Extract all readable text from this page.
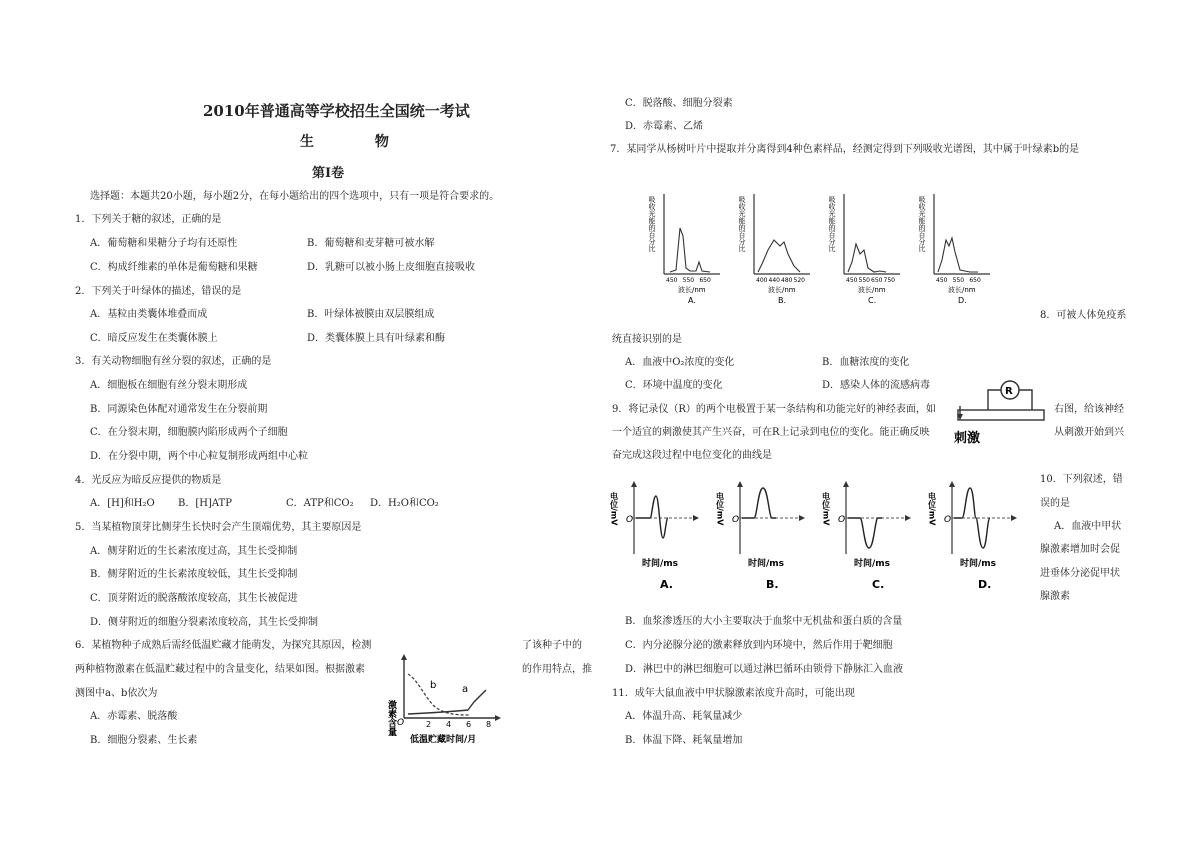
2010年普通高等学校招生全国统一考试
生 物
第Ⅰ卷
选择题：本题共20小题，每小题2分，在每小题给出的四个选项中，只有一项是符合要求的。
1．下列关于糖的叙述，正确的是
A．葡萄糖和果糖分子均有还原性	B．葡萄糖和麦芽糖可被水解
C．构成纤维素的单体是葡萄糖和果糖	D．乳糖可以被小肠上皮细胞直接吸收
2．下列关于叶绿体的描述，错误的是
A．基粒由类囊体堆叠而成	B．叶绿体被膜由双层膜组成
C．暗反应发生在类囊体膜上	D．类囊体膜上具有叶绿素和酶
3．有关动物细胞有丝分裂的叙述，正确的是
A．细胞板在细胞有丝分裂末期形成
B．同源染色体配对通常发生在分裂前期
C．在分裂末期，细胞膜内陷形成两个子细胞
D．在分裂中期，两个中心粒复制形成两组中心粒
4．光反应为暗反应提供的物质是
A．[H]和H₂O B．[H]ATP	C．ATP和CO₂ D．H₂O和CO₂
5．当某植物顶芽比侧芽生长快时会产生顶端优势，其主要原因是
A．侧芽附近的生长素浓度过高，其生长受抑制
B．侧芽附近的生长素浓度较低，其生长受抑制
C．顶芽附近的脱落酸浓度较高，其生长被促进
D．侧芽附近的细胞分裂素浓度较高，其生长受抑制
6．某植物种子成熟后需经低温贮藏才能萌发，为探究其原因，检测	了该种子中的
两种植物激素在低温贮藏过程中的含量变化，结果如图。根据激素	的作用特点，推
测图中a、b依次为
A．赤霉素、脱落酸
B．细胞分裂素、生长素
激素含量 O	2 4 6 8
b	a
低温贮藏时间/月
C．脱落酸、细胞分裂素
D．赤霉素、乙烯
7．某同学从杨树叶片中提取并分离得到4种色素样品，经测定得到下列吸收光谱图，其中属于叶绿素b的是
吸收光能的百分比
450 550 650
波长/nm
A.
吸收光能的百分比
400 440 480 520
波长/nm
B.
吸收光能的百分比
450 550 650 750
波长/nm
C.
吸收光能的百分比
450 550 650
波长/nm
D.
8．可被人体免疫系
统直接识别的是
A．血液中O₂浓度的变化	B．血糖浓度的变化
C．环境中温度的变化	D．感染人体的流感病毒
9．将记录仪（R）的两个电极置于某一条结构和功能完好的神经表面，如	右图，给该神经
一个适宜的刺激使其产生兴奋，可在R上记录到电位的变化。能正确反映	从刺激开始到兴
奋完成这段过程中电位变化的曲线是
R
刺激
O
电位/mV
时间/ms
A.
O
电位/mV
时间/ms
B.
O
电位/mV
时间/ms
C.
O
电位/mV
时间/ms
D.
10．下列叙述，错
误的是
A．血液中甲状
腺激素增加时会促
进垂体分泌促甲状
腺激素
B．血浆渗透压的大小主要取决于血浆中无机盐和蛋白质的含量
C．内分泌腺分泌的激素释放到内环境中，然后作用于靶细胞
D．淋巴中的淋巴细胞可以通过淋巴循环由锁骨下静脉汇入血液
11．成年大鼠血液中甲状腺激素浓度升高时，可能出现
A．体温升高、耗氧量减少
B．体温下降、耗氧量增加
